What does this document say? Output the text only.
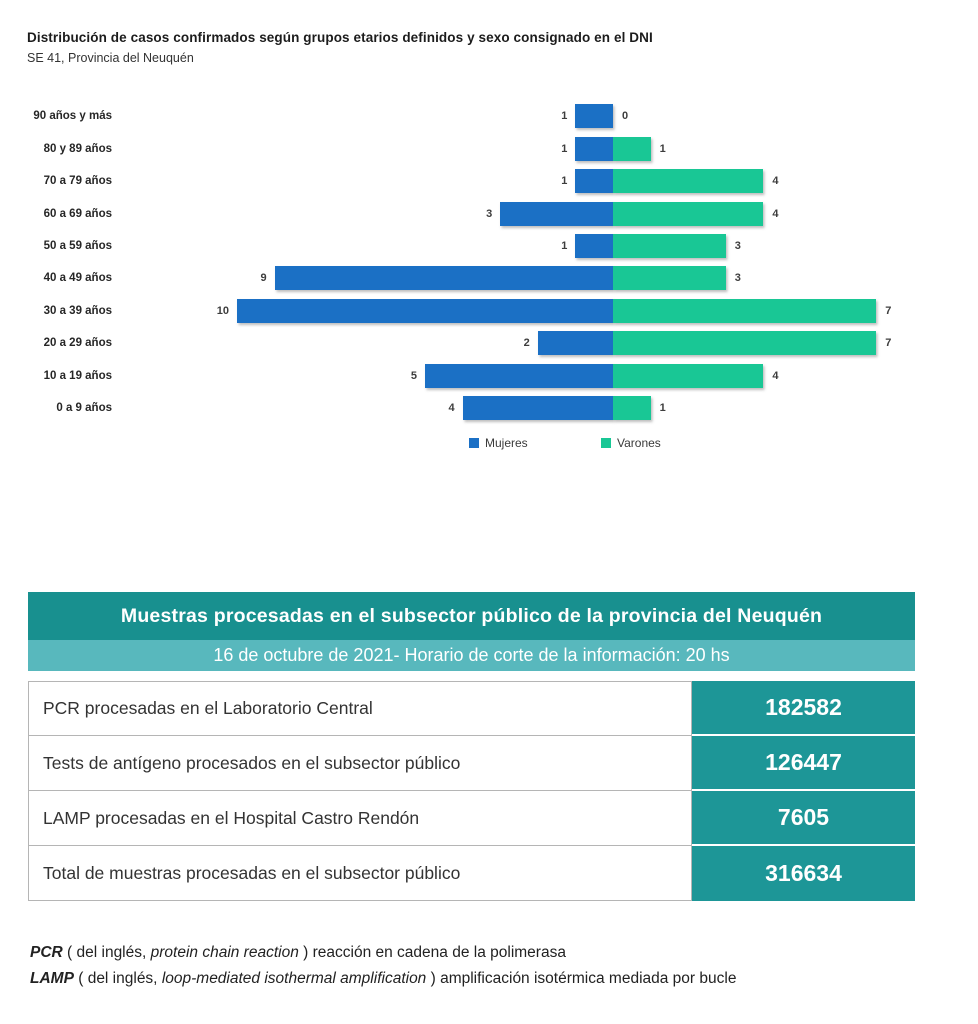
Distribución de casos confirmados según grupos etarios definidos y sexo consignado en el DNI
SE 41, Provincia del Neuquén
90 años y más	1	0
80 y 89 años	1	1
70 a 79 años	1	4
60 a 69 años	3	4
50 a 59 años	1	3
40 a 49 años	9	3
30 a 39 años	10	7
20 a 29 años	2	7
10 a 19 años	5	4
0 a 9 años	4	1
Mujeres	Varones
Muestras procesadas en el subsector público de la provincia del Neuquén
16 de octubre de 2021- Horario de corte de la información: 20 hs
PCR procesadas en el Laboratorio Central	182582
Tests de antígeno procesados en el subsector público	126447
LAMP procesadas en el Hospital Castro Rendón	7605
Total de muestras procesadas en el subsector público	316634
PCR ( del inglés, protein chain reaction ) reacción en cadena de la polimerasa
LAMP ( del inglés, loop-mediated isothermal amplification ) amplificación isotérmica mediada por bucle
